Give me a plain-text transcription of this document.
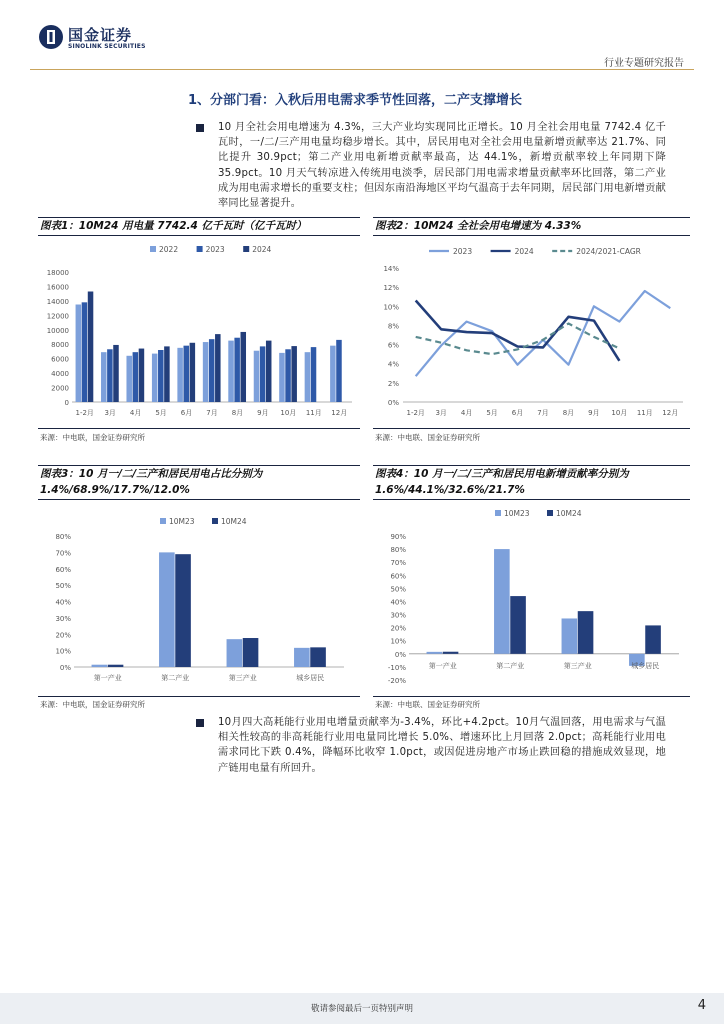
国金证券
SINOLINK SECURITIES
行业专题研究报告
1、分部门看：入秋后用电需求季节性回落，二产支撑增长
10 月全社会用电增速为 4.3%，三大产业均实现同比正增长。10 月全社会用电量 7742.4 亿千瓦时，一/二/三产用电量均稳步增长。其中，居民用电对全社会用电量新增贡献率达 21.7%、同比提升 30.9pct；第二产业用电新增贡献率最高，达 44.1%，新增贡献率较上年同期下降 35.9pct。10 月天气转凉进入传统用电淡季，居民部门用电需求增量贡献率环比回落，第二产业成为用电需求增长的重要支柱；但因东南沿海地区平均气温高于去年同期，居民部门用电新增贡献率同比显著提升。
图表1：10M24 用电量 7742.4 亿千瓦时（亿千瓦时）
0
2000
4000
6000
8000
10000
12000
14000
16000
18000
1-2月 3月 4月 5月 6月 7月 8月 9月 10月 11月 12月
2022	2023	2024
来源：中电联，国金证券研究所
图表2：10M24 全社会用电增速为 4.33%
0%
2%
4%
6%
8%
10%
12%
14%
1-2月 3月 4月 5月 6月 7月 8月 9月 10月 11月 12月
2023	2024	2024/2021-CAGR
来源：中电联、国金证券研究所
图表3：10 月一/二/三产和居民用电占比分别为 1.4%/68.9%/17.7%/12.0%
0%
10%
20%
30%
40%
50%
60%
70%
80%
第一产业	第二产业	第三产业	城乡居民
10M23	10M24
来源：中电联，国金证券研究所
图表4：10 月一/二/三产和居民用电新增贡献率分别为 1.6%/44.1%/32.6%/21.7%
-20%
-10%
0%
10%
20%
30%
40%
50%
60%
70%
80%
90%
第一产业	第二产业	第三产业	城乡居民
10M23	10M24
来源：中电联、国金证券研究所
10月四大高耗能行业用电增量贡献率为-3.4%，环比+4.2pct。10月气温回落，用电需求与气温相关性较高的非高耗能行业用电量同比增长 5.0%、增速环比上月回落 2.0pct；高耗能行业用电需求同比下跌 0.4%，降幅环比收窄 1.0pct，或因促进房地产市场止跌回稳的措施成效显现，地产链用电量有所回升。
敬请参阅最后一页特别声明	4
